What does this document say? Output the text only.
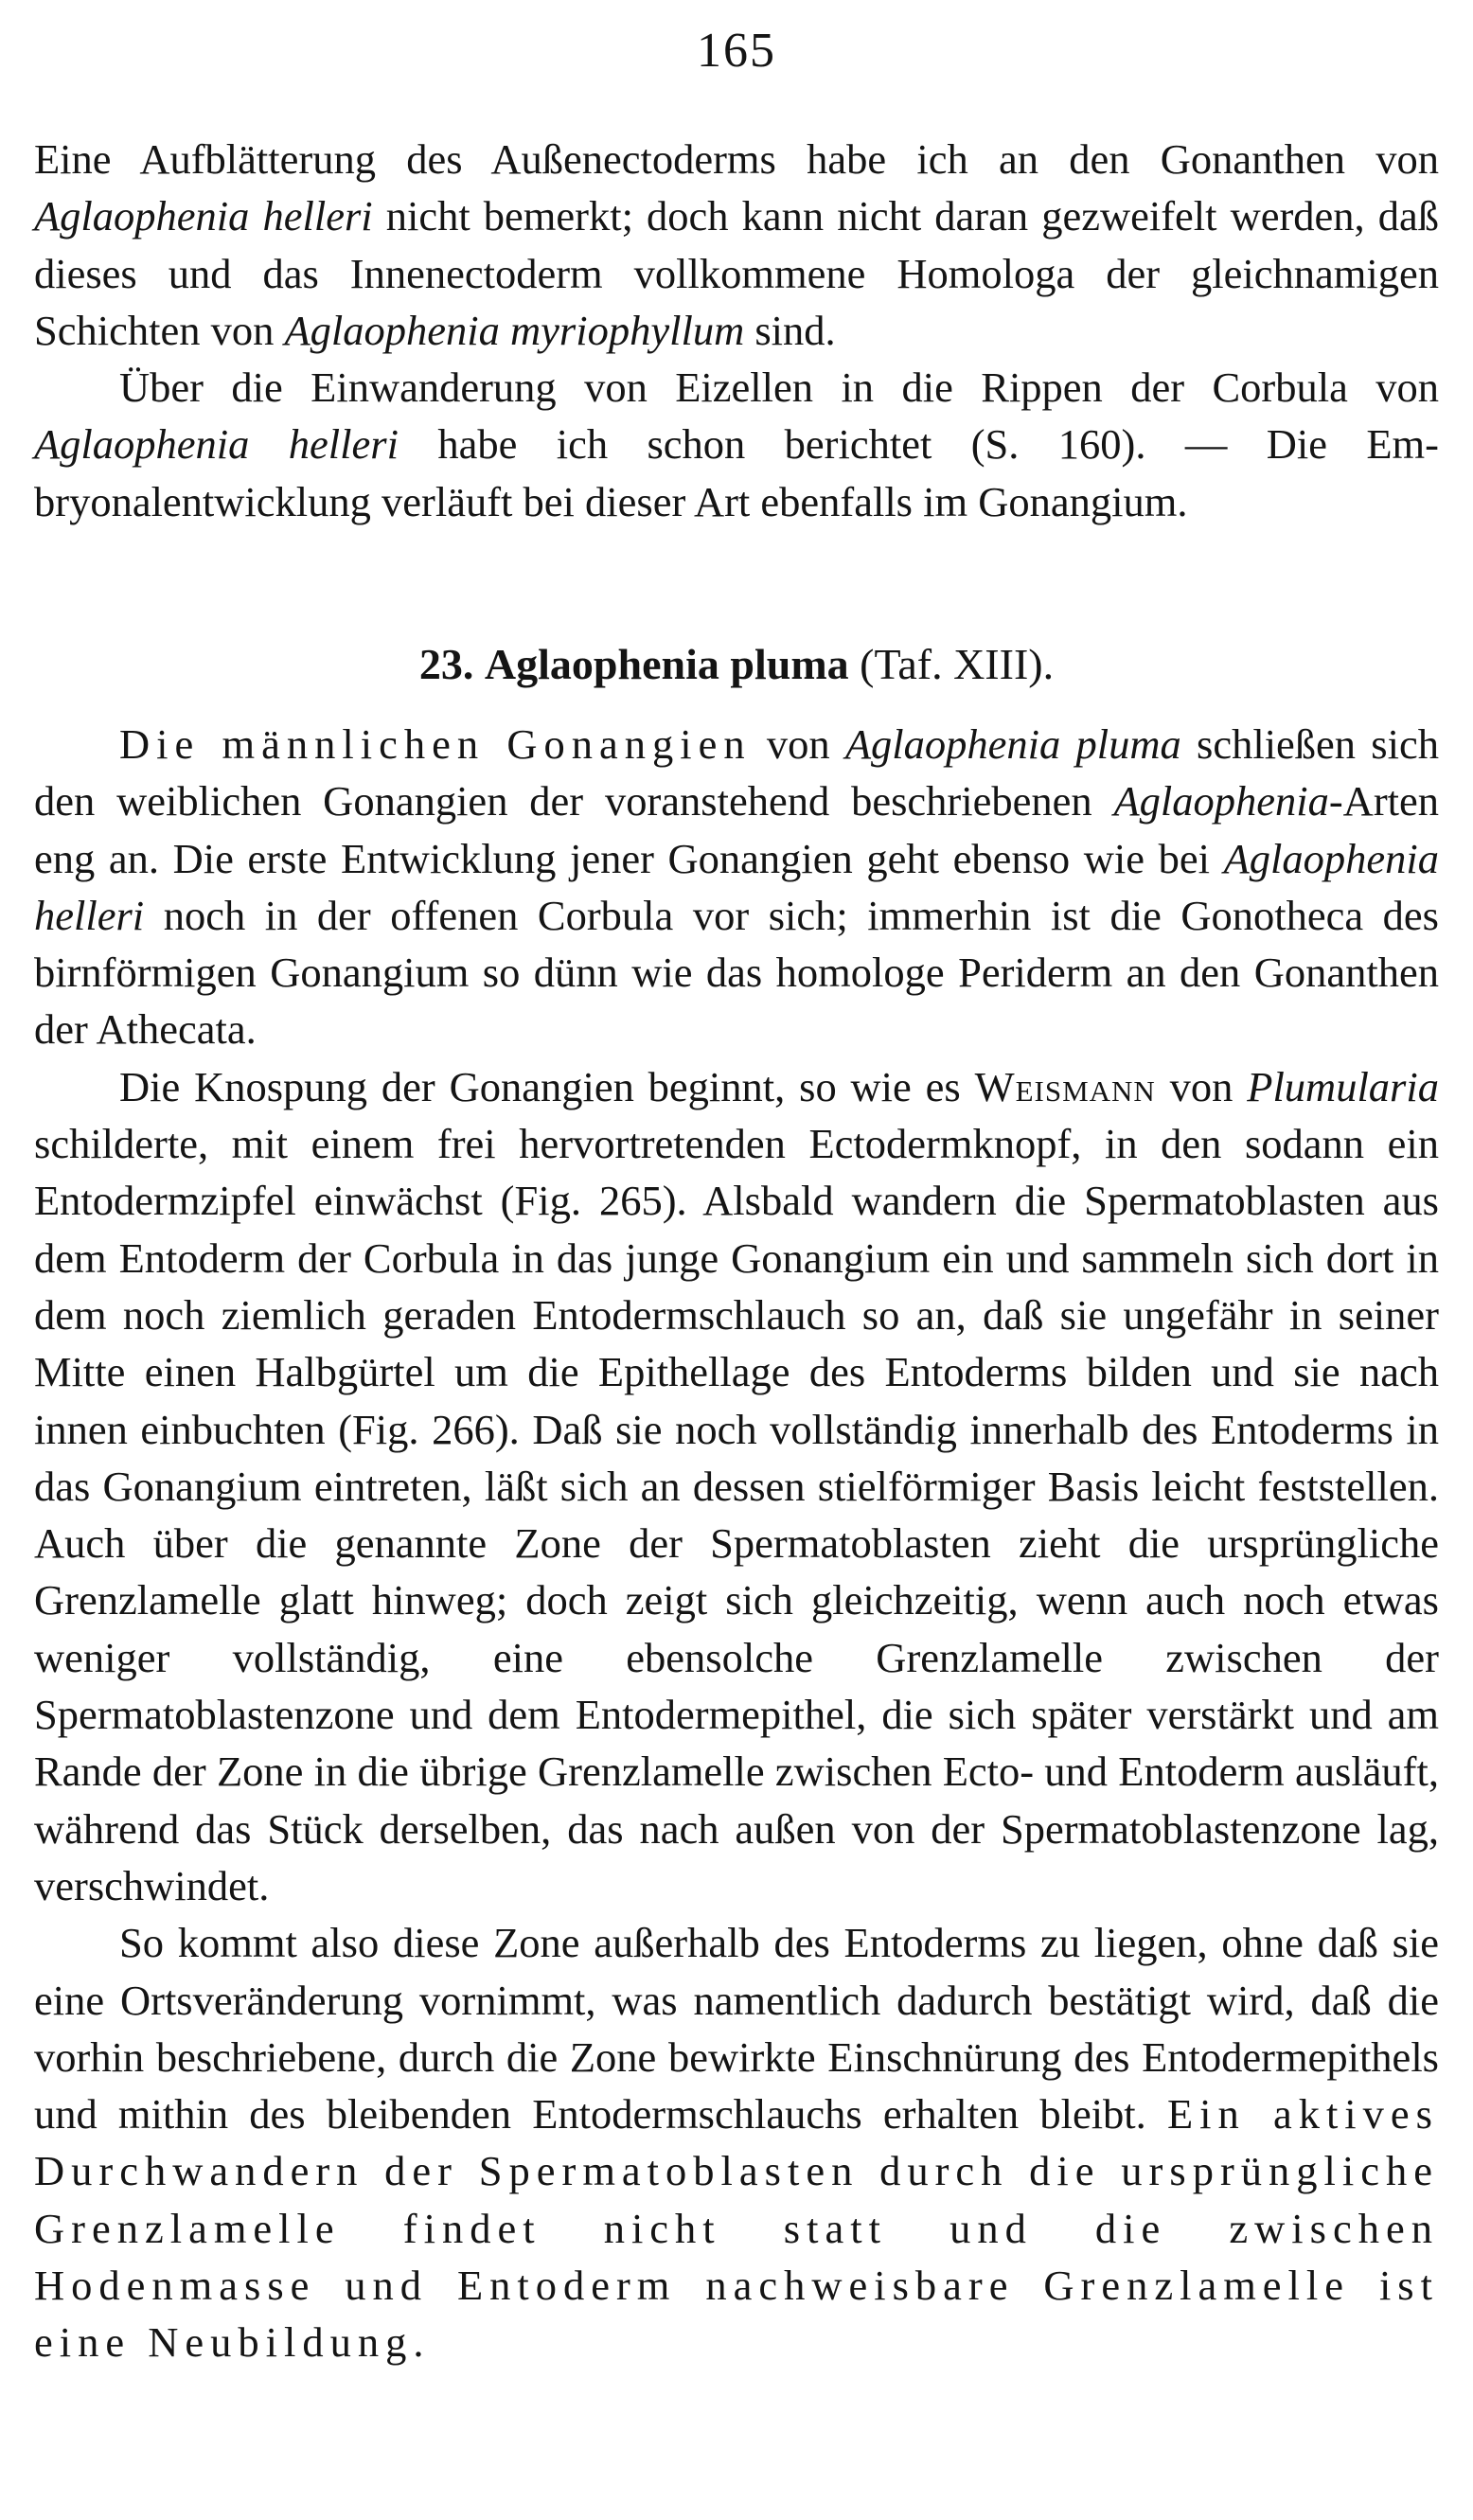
165

Eine Aufblätterung des Außenectoderms habe ich an den Gonanthen von Aglaophenia helleri nicht bemerkt; doch kann nicht daran gezweifelt werden, daß dieses und das Innenectoderm vollkommene Homologa der gleichnamigen Schichten von Aglaophenia myriophyllum sind.

Über die Einwanderung von Eizellen in die Rippen der Corbula von Aglaophenia helleri habe ich schon berichtet (S. 160). — Die Embryonalentwicklung verläuft bei dieser Art ebenfalls im Gonangium.

23. Aglaophenia pluma (Taf. XIII).

Die männlichen Gonangien von Aglaophenia pluma schließen sich den weiblichen Gonangien der voranstehend beschriebenen Aglaophenia-Arten eng an. Die erste Entwicklung jener Gonangien geht ebenso wie bei Aglaophenia helleri noch in der offenen Corbula vor sich; immerhin ist die Gonotheca des birnförmigen Gonangium so dünn wie das homologe Periderm an den Gonanthen der Athecata.

Die Knospung der Gonangien beginnt, so wie es Weismann von Plumularia schilderte, mit einem frei hervortretenden Ectodermknopf, in den sodann ein Entodermzipfel einwächst (Fig. 265). Alsbald wandern die Spermatoblasten aus dem Entoderm der Corbula in das junge Gonangium ein und sammeln sich dort in dem noch ziemlich geraden Entodermschlauch so an, daß sie ungefähr in seiner Mitte einen Halbgürtel um die Epithellage des Entoderms bilden und sie nach innen einbuchten (Fig. 266). Daß sie noch vollständig innerhalb des Entoderms in das Gonangium eintreten, läßt sich an dessen stielförmiger Basis leicht feststellen. Auch über die genannte Zone der Spermatoblasten zieht die ursprüngliche Grenzlamelle glatt hinweg; doch zeigt sich gleichzeitig, wenn auch noch etwas weniger vollständig, eine ebensolche Grenzlamelle zwischen der Spermatoblastenzone und dem Entodermepithel, die sich später verstärkt und am Rande der Zone in die übrige Grenzlamelle zwischen Ecto- und Entoderm ausläuft, während das Stück derselben, das nach außen von der Spermatoblastenzone lag, verschwindet.

So kommt also diese Zone außerhalb des Entoderms zu liegen, ohne daß sie eine Ortsveränderung vornimmt, was namentlich dadurch bestätigt wird, daß die vorhin beschriebene, durch die Zone bewirkte Einschnürung des Entodermepithels und mithin des bleibenden Entodermschlauchs erhalten bleibt. Ein aktives Durchwandern der Spermatoblasten durch die ursprüngliche Grenzlamelle findet nicht statt und die zwischen Hodenmasse und Entoderm nachweisbare Grenzlamelle ist eine Neubildung.
